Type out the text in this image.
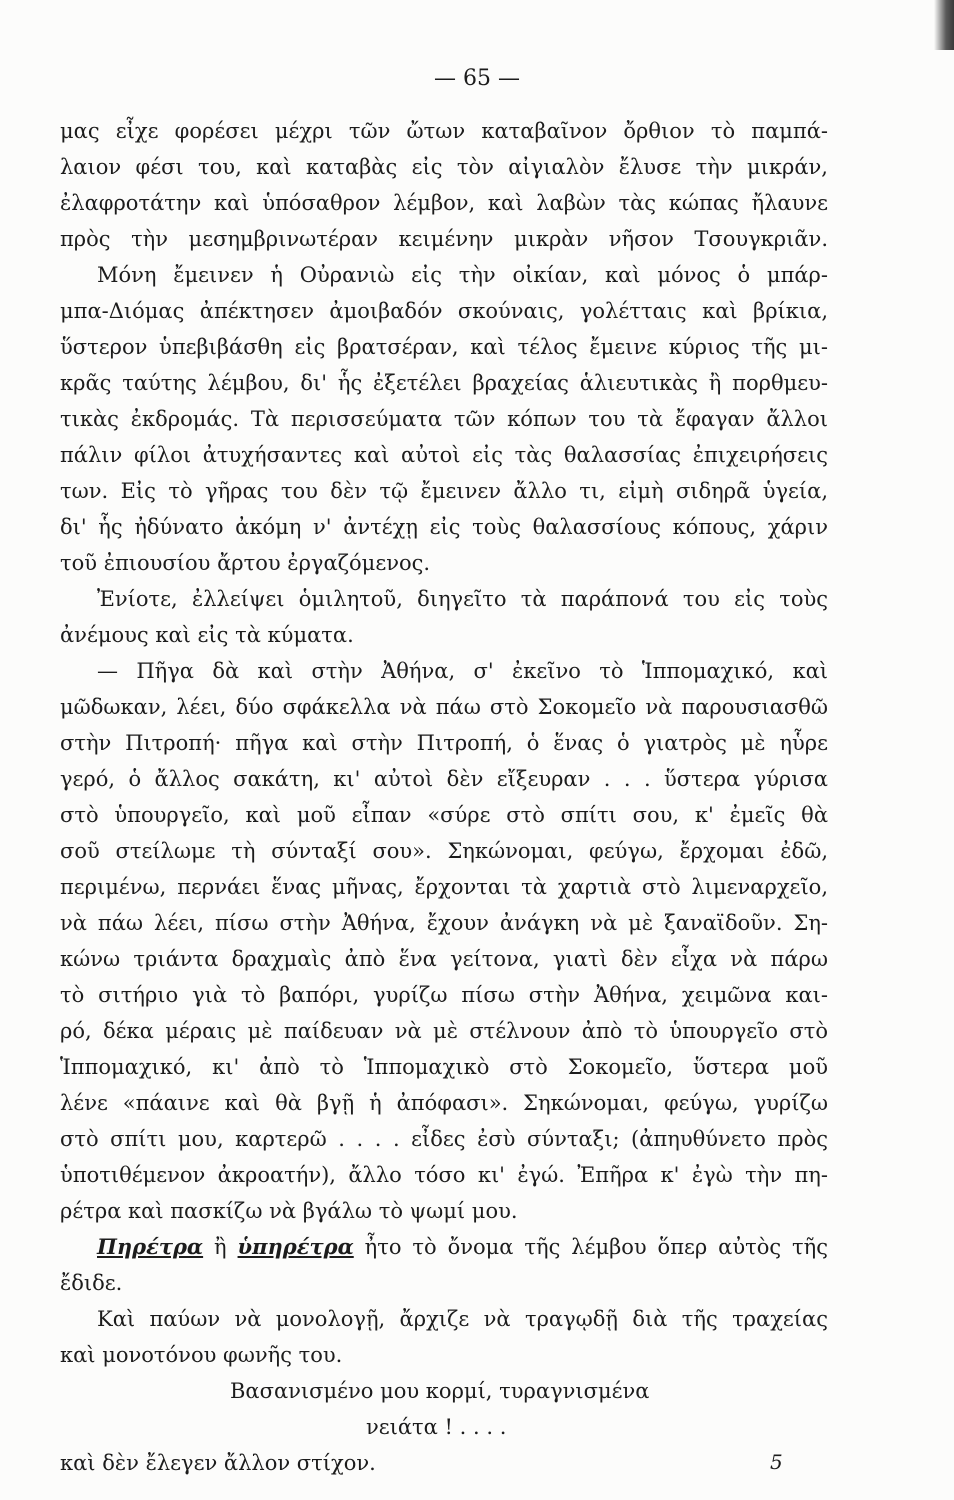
— 65 —
μας εἶχε φορέσει μέχρι τῶν ὤτων καταβαῖνον ὄρθιον τὸ παμπά-
λαιον φέσι του, καὶ καταβὰς εἰς τὸν αἰγιαλὸν ἔλυσε τὴν μικράν,
ἐλαφροτάτην καὶ ὑπόσαθρον λέμβον, καὶ λαβὼν τὰς κώπας ἤλαυνε
πρὸς τὴν μεσημβρινωτέραν κειμένην μικρὰν νῆσον Τσουγκριᾶν.
Μόνη ἔμεινεν ἡ Οὐρανιὼ εἰς τὴν οἰκίαν, καὶ μόνος ὁ μπάρ-
μπα-Διόμας ἀπέκτησεν ἀμοιβαδόν σκούναις, γολέτταις καὶ βρίκια,
ὕστερον ὑπεβιβάσθη εἰς βρατσέραν, καὶ τέλος ἔμεινε κύριος τῆς μι-
κρᾶς ταύτης λέμβου, δι' ἧς ἐξετέλει βραχείας ἁλιευτικὰς ἢ πορθμευ-
τικὰς ἐκδρομάς. Τὰ περισσεύματα τῶν κόπων του τὰ ἔφαγαν ἄλλοι
πάλιν φίλοι ἀτυχήσαντες καὶ αὐτοὶ εἰς τὰς θαλασσίας ἐπιχειρήσεις
των. Εἰς τὸ γῆρας του δὲν τῷ ἔμεινεν ἄλλο τι, εἰμὴ σιδηρᾶ ὑγεία,
δι' ἧς ἠδύνατο ἀκόμη ν' ἀντέχῃ εἰς τοὺς θαλασσίους κόπους, χάριν
τοῦ ἐπιουσίου ἄρτου ἐργαζόμενος.
Ἐνίοτε, ἐλλείψει ὁμιλητοῦ, διηγεῖτο τὰ παράπονά του εἰς τοὺς
ἀνέμους καὶ εἰς τὰ κύματα.
— Πῆγα δὰ καὶ στὴν Ἀθήνα, σ' ἐκεῖνο τὸ Ἱππομαχικό, καὶ
μῶδωκαν, λέει, δύο σφάκελλα νὰ πάω στὸ Σοκομεῖο νὰ παρουσιασθῶ
στὴν Πιτροπή· πῆγα καὶ στὴν Πιτροπή, ὁ ἕνας ὁ γιατρὸς μὲ ηὗρε
γερό, ὁ ἄλλος σακάτη, κι' αὐτοὶ δὲν εἴξευραν . . . ὕστερα γύρισα
στὸ ὑπουργεῖο, καὶ μοῦ εἶπαν «σύρε στὸ σπίτι σου, κ' ἐμεῖς θὰ
σοῦ στείλωμε τὴ σύνταξί σου». Σηκώνομαι, φεύγω, ἔρχομαι ἐδῶ,
περιμένω, περνάει ἕνας μῆνας, ἔρχονται τὰ χαρτιὰ στὸ λιμεναρχεῖο,
νὰ πάω λέει, πίσω στὴν Ἀθήνα, ἔχουν ἀνάγκη νὰ μὲ ξαναϊδοῦν. Ση-
κώνω τριάντα δραχμαὶς ἀπὸ ἕνα γείτονα, γιατὶ δὲν εἶχα νὰ πάρω
τὸ σιτήριο γιὰ τὸ βαπόρι, γυρίζω πίσω στὴν Ἀθήνα, χειμῶνα και-
ρό, δέκα μέραις μὲ παίδευαν νὰ μὲ στέλνουν ἀπὸ τὸ ὑπουργεῖο στὸ
Ἱππομαχικό, κι' ἀπὸ τὸ Ἱππομαχικὸ στὸ Σοκομεῖο, ὕστερα μοῦ
λένε «πάαινε καὶ θὰ βγῇ ἡ ἀπόφασι». Σηκώνομαι, φεύγω, γυρίζω
στὸ σπίτι μου, καρτερῶ . . . . εἶδες ἐσὺ σύνταξι; (ἀπηυθύνετο πρὸς
ὑποτιθέμενον ἀκροατήν), ἄλλο τόσο κι' ἐγώ. Ἐπῆρα κ' ἐγὼ τὴν πη-
ρέτρα καὶ πασκίζω νὰ βγάλω τὸ ψωμί μου.
Πηρέτρα ἢ ὑπηρέτρα ἦτο τὸ ὄνομα τῆς λέμβου ὅπερ αὐτὸς τῆς
ἔδιδε.
Καὶ παύων νὰ μονολογῇ, ἄρχιζε νὰ τραγῳδῇ διὰ τῆς τραχείας
καὶ μονοτόνου φωνῆς του.
Βασανισμένο μου κορμί, τυραγνισμένα
νειάτα ! . . . .
καὶ δὲν ἔλεγεν ἄλλον στίχον.	5
